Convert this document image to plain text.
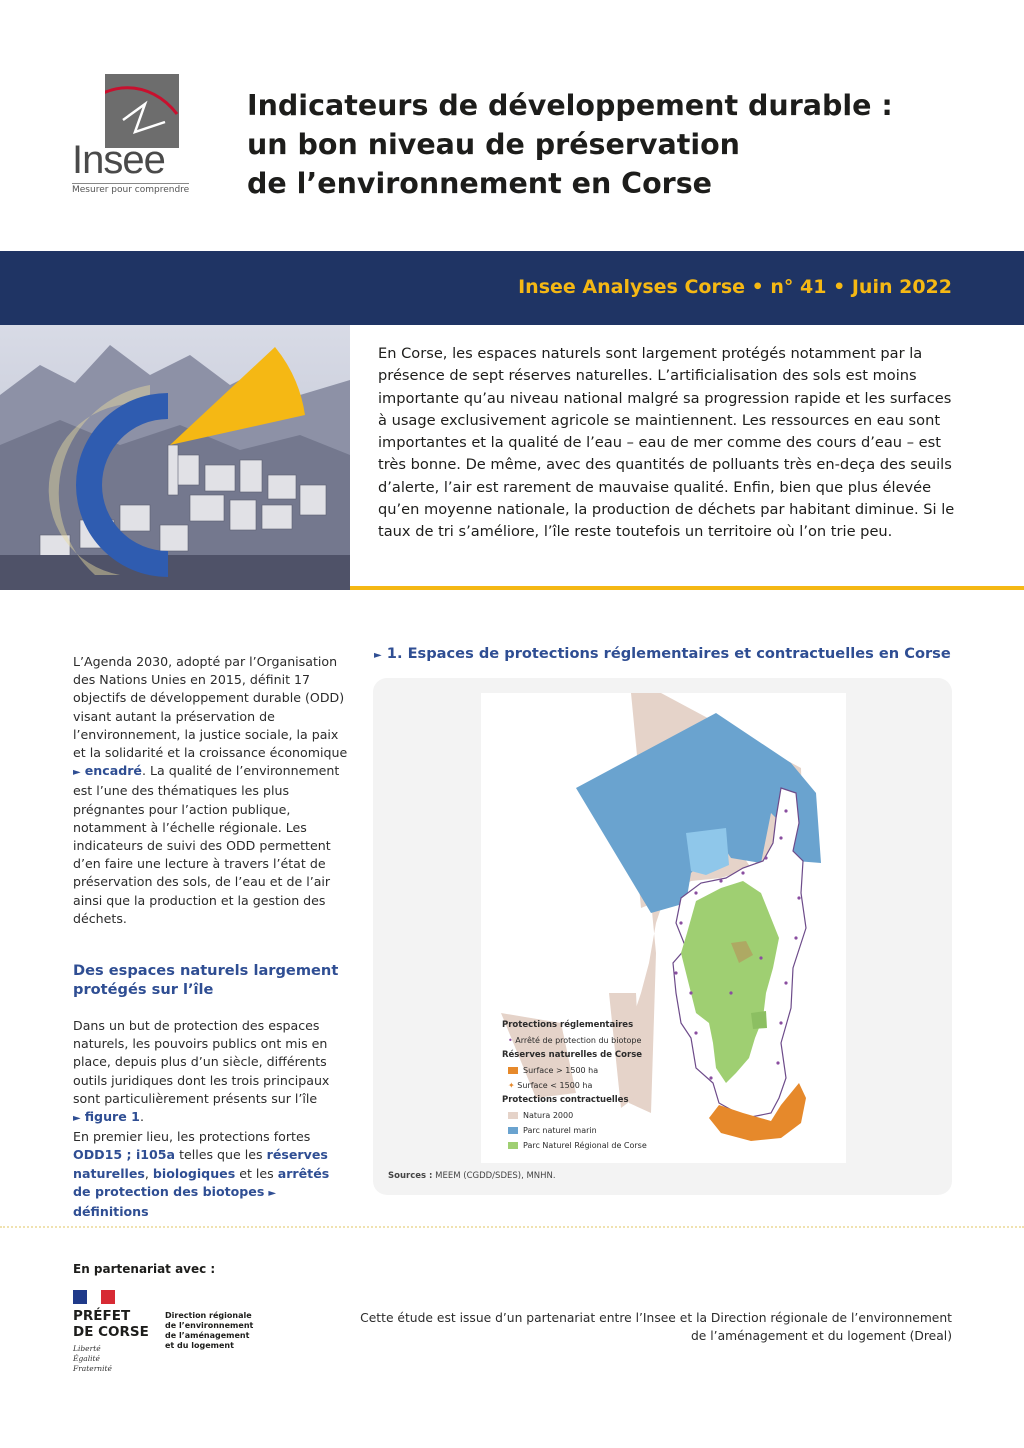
Insee
Mesurer pour comprendre
Indicateurs de développement durable :
un bon niveau de préservation
de l’environnement en Corse
Insee Analyses Corse • n° 41 • Juin 2022

En Corse, les espaces naturels sont largement protégés notamment par la présence de sept réserves naturelles. L’artificialisation des sols est moins importante qu’au niveau national malgré sa progression rapide et les surfaces à usage exclusivement agricole se maintiennent. Les ressources en eau sont importantes et la qualité de l’eau – eau de mer comme des cours d’eau – est très bonne. De même, avec des quantités de polluants très en-deça des seuils d’alerte, l’air est rarement de mauvaise qualité. Enfin, bien que plus élevée qu’en moyenne nationale, la production de déchets par habitant diminue. Si le taux de tri s’améliore, l’île reste toutefois un territoire où l’on trie peu.

L’Agenda 2030, adopté par l’Organisation des Nations Unies en 2015, définit 17 objectifs de développement durable (ODD) visant autant la préservation de l’environnement, la justice sociale, la paix et la solidarité et la croissance économique ► encadré. La qualité de l’environnement est l’une des thématiques les plus prégnantes pour l’action publique, notamment à l’échelle régionale. Les indicateurs de suivi des ODD permettent d’en faire une lecture à travers l’état de préservation des sols, de l’eau et de l’air ainsi que la production et la gestion des déchets.

Des espaces naturels largement protégés sur l’île

Dans un but de protection des espaces naturels, les pouvoirs publics ont mis en place, depuis plus d’un siècle, différents outils juridiques dont les trois principaux sont particulièrement présents sur l’île
► figure 1.
En premier lieu, les protections fortes ODD15 ; i105a telles que les réserves naturelles, biologiques et les arrêtés de protection des biotopes ► définitions

► 1. Espaces de protections réglementaires et contractuelles en Corse
Protections réglementaires
• Arrêté de protection du biotope
Réserves naturelles de Corse
Surface > 1500 ha
✦ Surface < 1500 ha
Protections contractuelles
Natura 2000
Parc naturel marin
Parc Naturel Régional de Corse
Sources : MEEM (CGDD/SDES), MNHN.
En partenariat avec :
PRÉFET
DE CORSE
Liberté
Égalité
Fraternité
Direction régionale
de l’environnement
de l’aménagement
et du logement
Cette étude est issue d’un partenariat entre l’Insee et la Direction régionale de l’environnement
de l’aménagement et du logement (Dreal)
